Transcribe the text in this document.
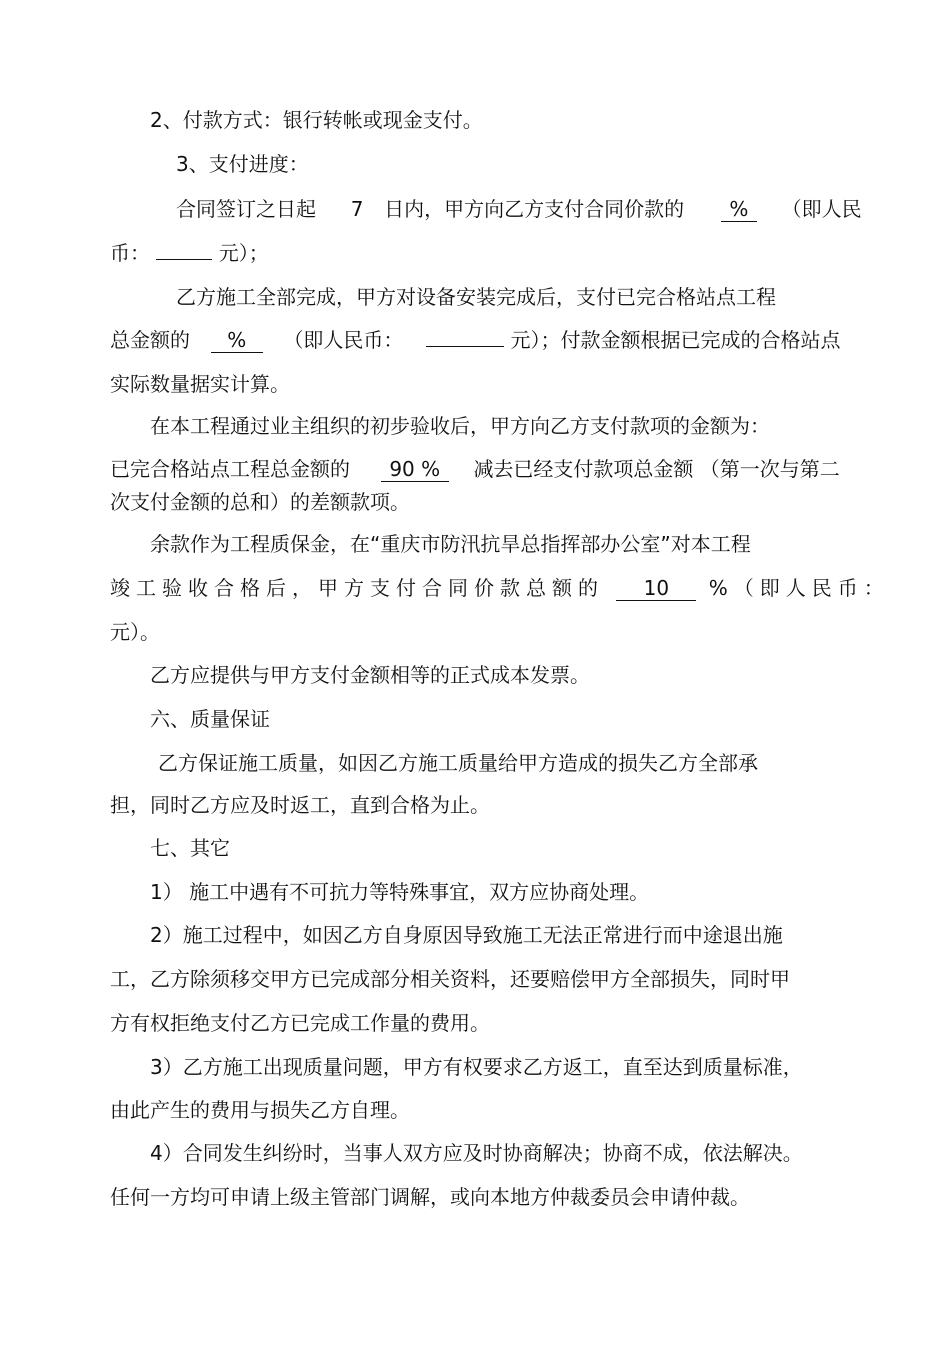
2、付款方式：银行转帐或现金支付。
3、支付进度：
合同签订之日起 7 日内，甲方向乙方支付合同价款的 % （即人民
币：	元）；
乙方施工全部完成，甲方对设备安装完成后，支付已完合格站点工程
总金额的 % （即人民币：	元）；付款金额根据已完成的合格站点
实际数量据实计算。
在本工程通过业主组织的初步验收后，甲方向乙方支付款项的金额为：
已完合格站点工程总金额的 90 % 减去已经支付款项总金额 （第一次与第二
次支付金额的总和）的差额款项。
余款作为工程质保金，在“重庆市防汛抗旱总指挥部办公室”对本工程
竣工验收合格后，甲方支付合同价款总额的 10 %（即人民币：
元）。
乙方应提供与甲方支付金额相等的正式成本发票。
六、质量保证
乙方保证施工质量，如因乙方施工质量给甲方造成的损失乙方全部承
担，同时乙方应及时返工，直到合格为止。
七、其它
1） 施工中遇有不可抗力等特殊事宜，双方应协商处理。
2）施工过程中，如因乙方自身原因导致施工无法正常进行而中途退出施
工，乙方除须移交甲方已完成部分相关资料，还要赔偿甲方全部损失，同时甲
方有权拒绝支付乙方已完成工作量的费用。
3）乙方施工出现质量问题，甲方有权要求乙方返工，直至达到质量标准，
由此产生的费用与损失乙方自理。
4）合同发生纠纷时，当事人双方应及时协商解决；协商不成，依法解决。
任何一方均可申请上级主管部门调解，或向本地方仲裁委员会申请仲裁。
